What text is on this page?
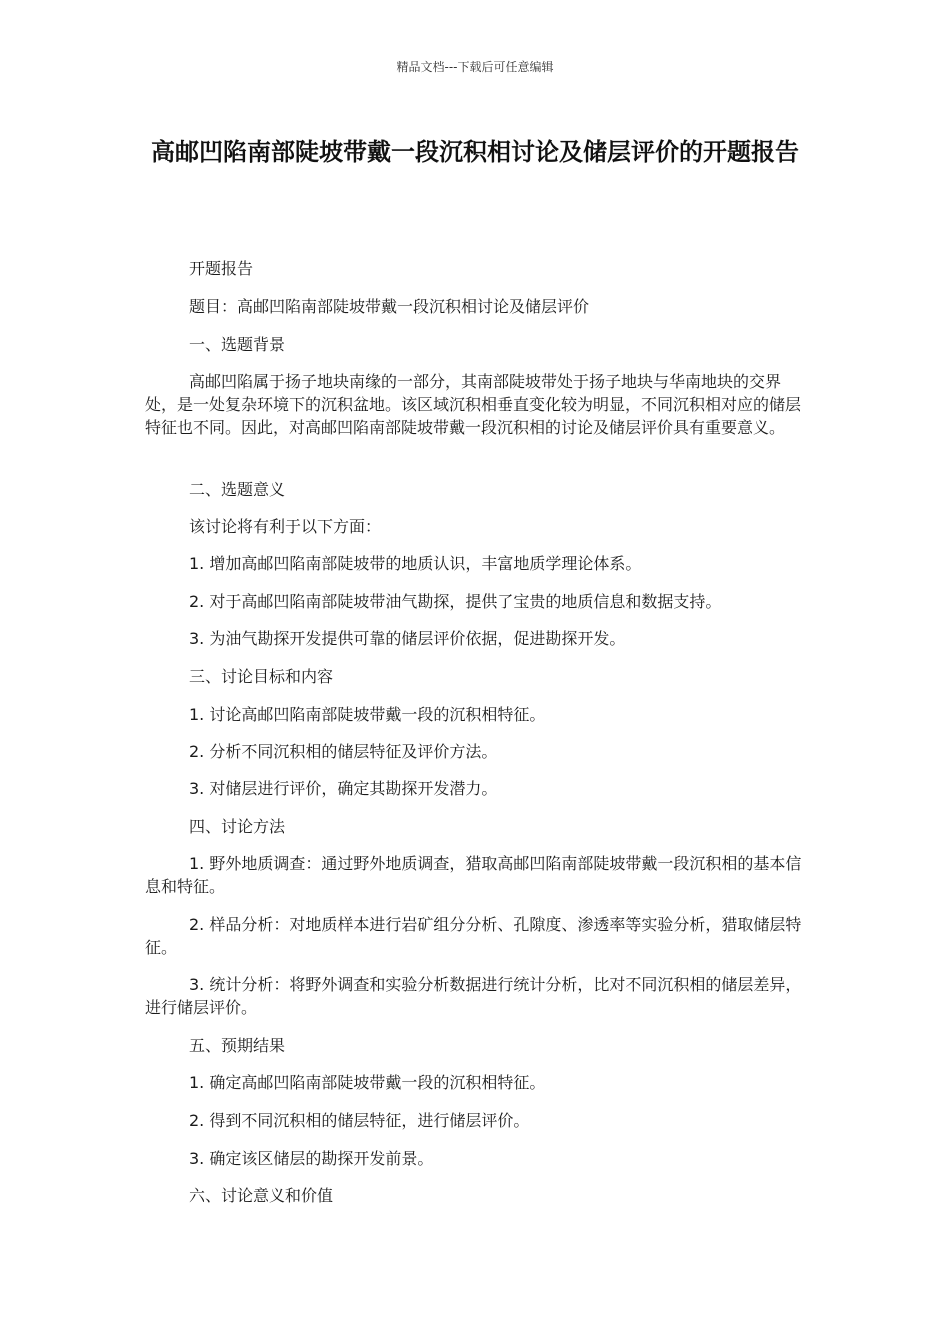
精品文档---下载后可任意编辑
高邮凹陷南部陡坡带戴一段沉积相讨论及储层评价的开题报告

开题报告

题目：高邮凹陷南部陡坡带戴一段沉积相讨论及储层评价

一、选题背景

高邮凹陷属于扬子地块南缘的一部分，其南部陡坡带处于扬子地块与华南地块的交界处，是一处复杂环境下的沉积盆地。该区域沉积相垂直变化较为明显，不同沉积相对应的储层特征也不同。因此，对高邮凹陷南部陡坡带戴一段沉积相的讨论及储层评价具有重要意义。

二、选题意义

该讨论将有利于以下方面：

1. 增加高邮凹陷南部陡坡带的地质认识，丰富地质学理论体系。

2. 对于高邮凹陷南部陡坡带油气勘探，提供了宝贵的地质信息和数据支持。

3. 为油气勘探开发提供可靠的储层评价依据，促进勘探开发。

三、讨论目标和内容

1. 讨论高邮凹陷南部陡坡带戴一段的沉积相特征。

2. 分析不同沉积相的储层特征及评价方法。

3. 对储层进行评价，确定其勘探开发潜力。

四、讨论方法

1. 野外地质调查：通过野外地质调查，猎取高邮凹陷南部陡坡带戴一段沉积相的基本信息和特征。

2. 样品分析：对地质样本进行岩矿组分分析、孔隙度、渗透率等实验分析，猎取储层特征。

3. 统计分析：将野外调查和实验分析数据进行统计分析，比对不同沉积相的储层差异，进行储层评价。

五、预期结果

1. 确定高邮凹陷南部陡坡带戴一段的沉积相特征。

2. 得到不同沉积相的储层特征，进行储层评价。

3. 确定该区储层的勘探开发前景。

六、讨论意义和价值
